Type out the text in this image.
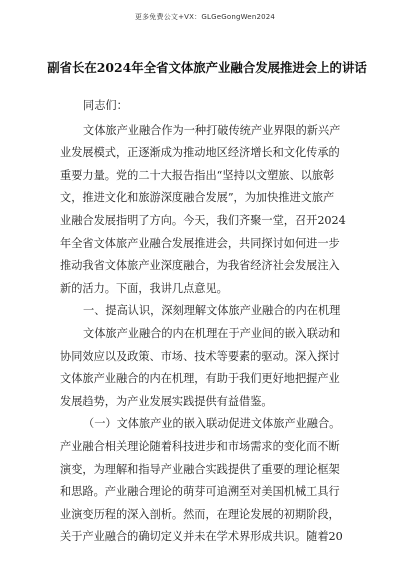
更多免费公文+VX：GLGeGongWen2024
副省长在2024年全省文体旅产业融合发展推进会上的讲话
同志们：
文体旅产业融合作为一种打破传统产业界限的新兴产
业发展模式，正逐渐成为推动地区经济增长和文化传承的
重要力量。党的二十大报告指出“坚持以文塑旅、以旅彰
文，推进文化和旅游深度融合发展”，为加快推进文旅产
业融合发展指明了方向。今天，我们齐聚一堂，召开2024
年全省文体旅产业融合发展推进会，共同探讨如何进一步
推动我省文体旅产业深度融合，为我省经济社会发展注入
新的活力。下面，我讲几点意见。
一、提高认识，深刻理解文体旅产业融合的内在机理
文体旅产业融合的内在机理在于产业间的嵌入联动和
协同效应以及政策、市场、技术等要素的驱动。深入探讨
文体旅产业融合的内在机理，有助于我们更好地把握产业
发展趋势，为产业发展实践提供有益借鉴。
（一）文体旅产业的嵌入联动促进文体旅产业融合。
产业融合相关理论随着科技进步和市场需求的变化而不断
演变，为理解和指导产业融合实践提供了重要的理论框架
和思路。产业融合理论的萌芽可追溯至对美国机械工具行
业演变历程的深入剖析。然而，在理论发展的初期阶段，
关于产业融合的确切定义并未在学术界形成共识。随着20
